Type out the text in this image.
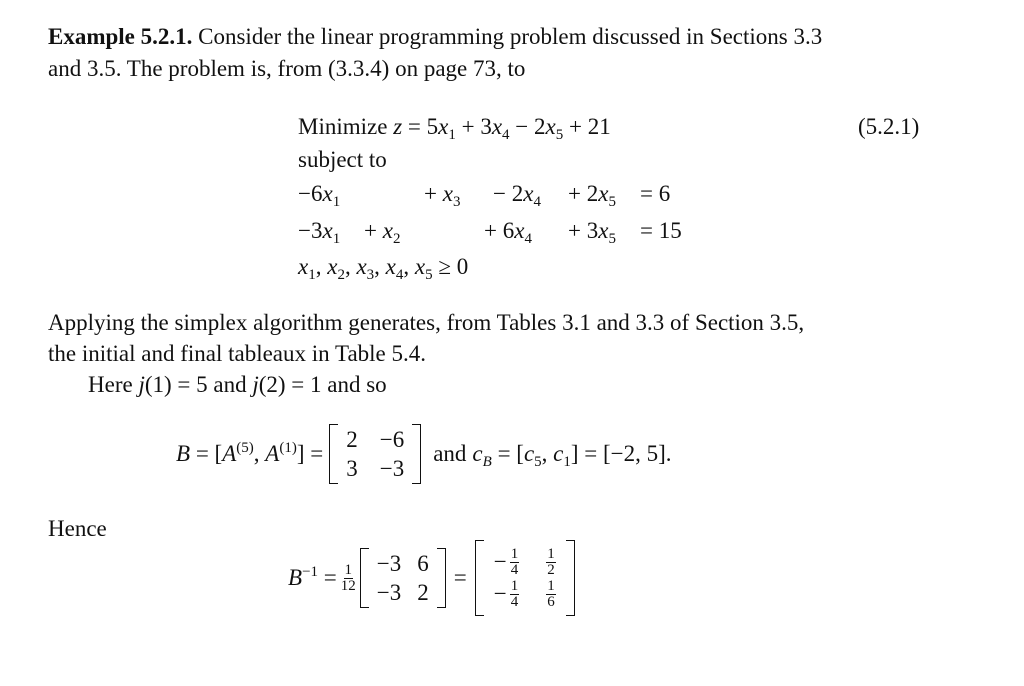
Example 5.2.1. Consider the linear programming problem discussed in Sections 3.3
and 3.5. The problem is, from (3.3.4) on page 73, to
Minimize $z = 5x_1 + 3x_4 - 2x_5 + 21$	(5.2.1)
subject to
$-6x_1$	+ $x_3 - 2x_4 + 2x_5 = 6$
$-3x_1 + x_2$	+ $6x_4 + 3x_5 = 15$
$x_1$, $x_2$, $x_3$, $x_4$, $x_5 \ge 0$
Applying the simplex algorithm generates, from Tables 3.1 and 3.3 of Section 3.5,
the initial and final tableaux in Table 5.4.
Here j(1) = 5 and j(2) = 1 and so
$B = [A^{(5)}$, $A^{(1)}$] =
2 −6
3 −3
and $c_B = [c_5$, $c_1] = [-2$, 5].
Hence
$B^{-1} = \frac{1}{12} -3$ 6
−3 2
=
− $\frac{1}{4} \frac{1}{2}$
− $\frac{1}{4} \frac{1}{6}$
